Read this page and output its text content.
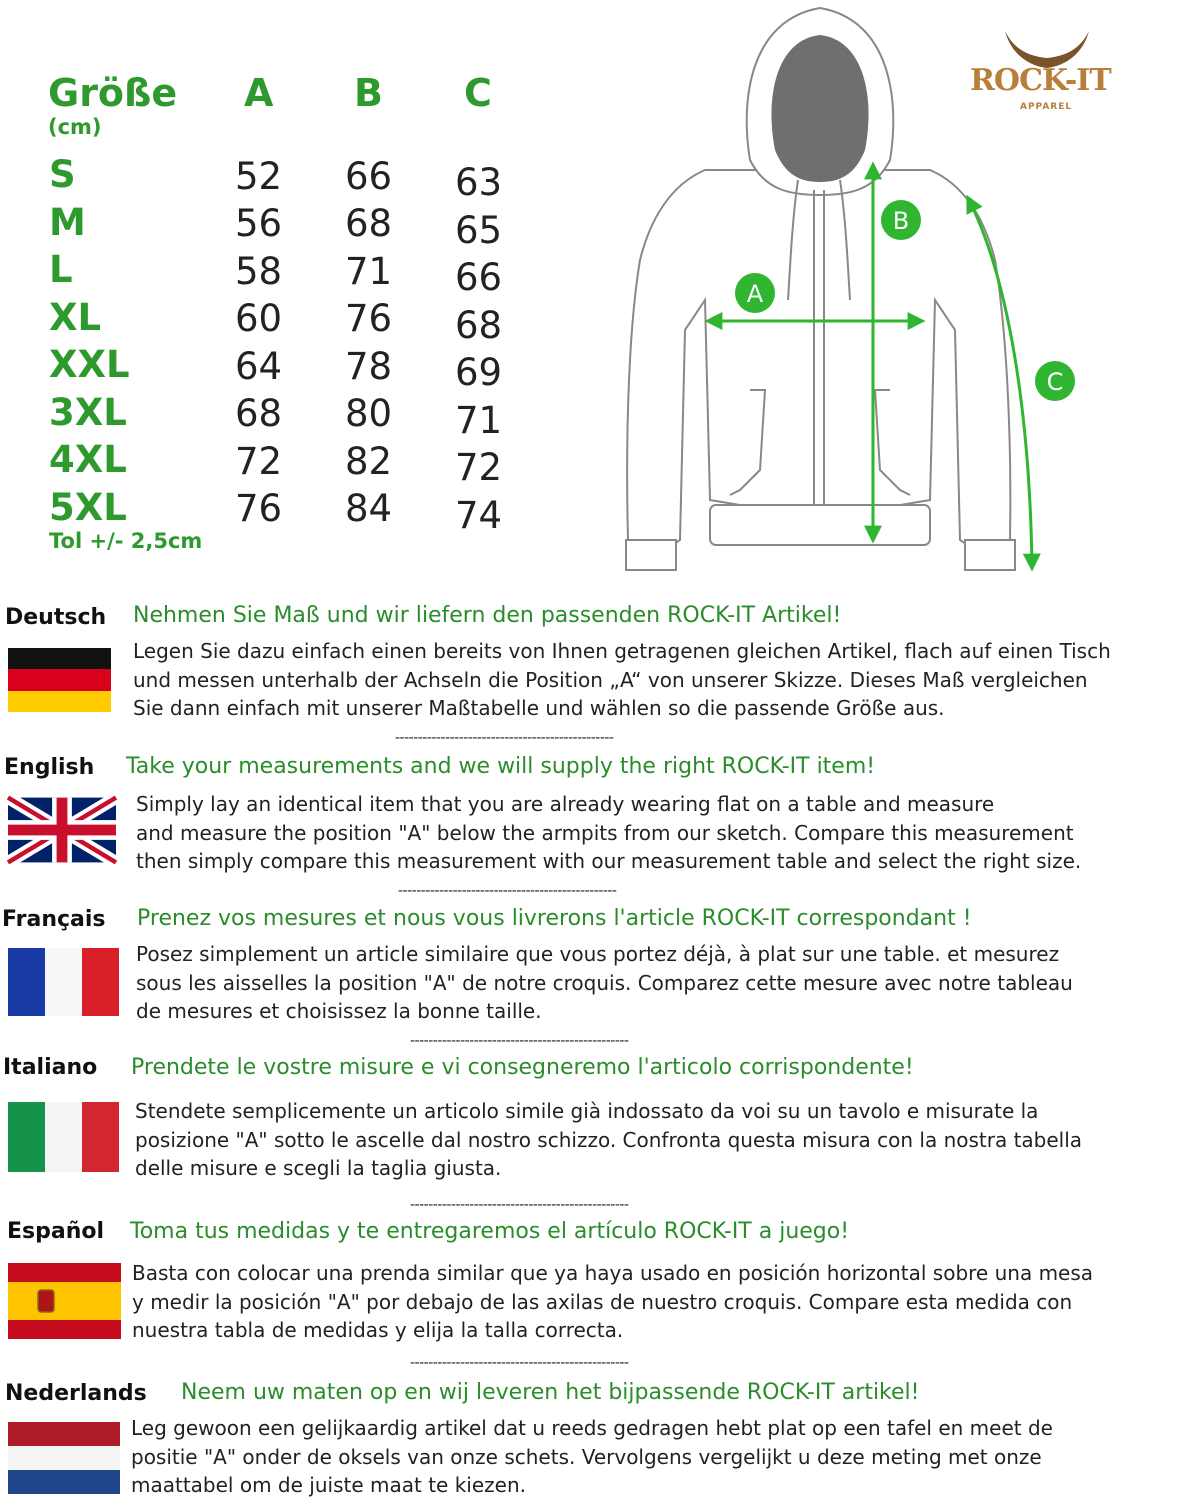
Größe
(cm)
A B C
S	52 66 63
M	56 68 65
L	58 71 66
XL	60 76 68
XXL	64 78 69
3XL	68 80 71
4XL	72 82 72
5XL	76 84 74
Tol +/- 2,5cm
A
B
C
ROCK-IT
APPAREL
Deutsch Nehmen Sie Maß und wir liefern den passenden ROCK-IT Artikel!
Legen Sie dazu einfach einen bereits von Ihnen getragenen gleichen Artikel, flach auf einen Tisch
und messen unterhalb der Achseln die Position „A“ von unserer Skizze. Dieses Maß vergleichen
Sie dann einfach mit unserer Maßtabelle und wählen so die passende Größe aus.
------------------------------------------------
English Take your measurements and we will supply the right ROCK-IT item!
Simply lay an identical item that you are already wearing flat on a table and measure
and measure the position "A" below the armpits from our sketch. Compare this measurement
then simply compare this measurement with our measurement table and select the right size.
------------------------------------------------
Français Prenez vos mesures et nous vous livrerons l'article ROCK-IT correspondant !
Posez simplement un article similaire que vous portez déjà, à plat sur une table. et mesurez
sous les aisselles la position "A" de notre croquis. Comparez cette mesure avec notre tableau
de mesures et choisissez la bonne taille.
------------------------------------------------
Italiano Prendete le vostre misure e vi consegneremo l'articolo corrispondente!
Stendete semplicemente un articolo simile già indossato da voi su un tavolo e misurate la
posizione "A" sotto le ascelle dal nostro schizzo. Confronta questa misura con la nostra tabella
delle misure e scegli la taglia giusta.
------------------------------------------------
Español Toma tus medidas y te entregaremos el artículo ROCK-IT a juego!
Basta con colocar una prenda similar que ya haya usado en posición horizontal sobre una mesa
y medir la posición "A" por debajo de las axilas de nuestro croquis. Compare esta medida con
nuestra tabla de medidas y elija la talla correcta.
------------------------------------------------
Nederlands Neem uw maten op en wij leveren het bijpassende ROCK-IT artikel!
Leg gewoon een gelijkaardig artikel dat u reeds gedragen hebt plat op een tafel en meet de
positie "A" onder de oksels van onze schets. Vervolgens vergelijkt u deze meting met onze
maattabel om de juiste maat te kiezen.
